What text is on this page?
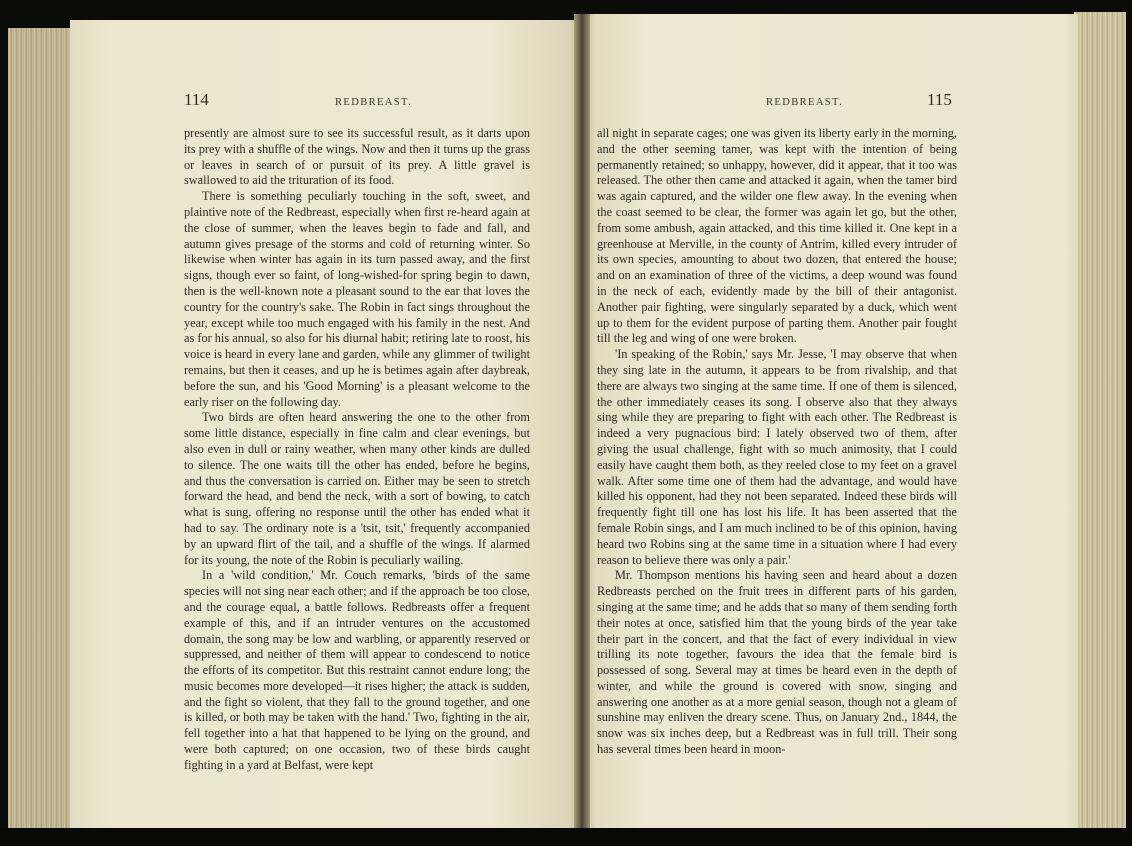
114	REDBREAST.

presently are almost sure to see its successful result, as it darts upon its prey with a shuffle of the wings. Now and then it turns up the grass or leaves in search of or pursuit of its prey. A little gravel is swallowed to aid the trituration of its food.

There is something peculiarly touching in the soft, sweet, and plaintive note of the Redbreast, especially when first re-heard again at the close of summer, when the leaves begin to fade and fall, and autumn gives presage of the storms and cold of returning winter. So likewise when winter has again in its turn passed away, and the first signs, though ever so faint, of long-wished-for spring begin to dawn, then is the well-known note a pleasant sound to the ear that loves the country for the country's sake. The Robin in fact sings throughout the year, except while too much engaged with his family in the nest. And as for his annual, so also for his diurnal habit; retiring late to roost, his voice is heard in every lane and garden, while any glimmer of twilight remains, but then it ceases, and up he is betimes again after daybreak, before the sun, and his 'Good Morning' is a pleasant welcome to the early riser on the following day.

Two birds are often heard answering the one to the other from some little distance, especially in fine calm and clear evenings, but also even in dull or rainy weather, when many other kinds are dulled to silence. The one waits till the other has ended, before he begins, and thus the conversation is carried on. Either may be seen to stretch forward the head, and bend the neck, with a sort of bowing, to catch what is sung, offering no response until the other has ended what it had to say. The ordinary note is a 'tsit, tsit,' frequently accompanied by an upward flirt of the tail, and a shuffle of the wings. If alarmed for its young, the note of the Robin is peculiarly wailing.

In a 'wild condition,' Mr. Couch remarks, 'birds of the same species will not sing near each other; and if the approach be too close, and the courage equal, a battle follows. Redbreasts offer a frequent example of this, and if an intruder ventures on the accustomed domain, the song may be low and warbling, or apparently reserved or suppressed, and neither of them will appear to condescend to notice the efforts of its competitor. But this restraint cannot endure long; the music becomes more developed—it rises higher; the attack is sudden, and the fight so violent, that they fall to the ground together, and one is killed, or both may be taken with the hand.' Two, fighting in the air, fell together into a hat that happened to be lying on the ground, and were both captured; on one occasion, two of these birds caught fighting in a yard at Belfast, were kept

REDBREAST.	115

all night in separate cages; one was given its liberty early in the morning, and the other seeming tamer, was kept with the intention of being permanently retained; so unhappy, however, did it appear, that it too was released. The other then came and attacked it again, when the tamer bird was again captured, and the wilder one flew away. In the evening when the coast seemed to be clear, the former was again let go, but the other, from some ambush, again attacked, and this time killed it. One kept in a greenhouse at Merville, in the county of Antrim, killed every intruder of its own species, amounting to about two dozen, that entered the house; and on an examination of three of the victims, a deep wound was found in the neck of each, evidently made by the bill of their antagonist. Another pair fighting, were singularly separated by a duck, which went up to them for the evident purpose of parting them. Another pair fought till the leg and wing of one were broken.

'In speaking of the Robin,' says Mr. Jesse, 'I may observe that when they sing late in the autumn, it appears to be from rivalship, and that there are always two singing at the same time. If one of them is silenced, the other immediately ceases its song. I observe also that they always sing while they are preparing to fight with each other. The Redbreast is indeed a very pugnacious bird: I lately observed two of them, after giving the usual challenge, fight with so much animosity, that I could easily have caught them both, as they reeled close to my feet on a gravel walk. After some time one of them had the advantage, and would have killed his opponent, had they not been separated. Indeed these birds will frequently fight till one has lost his life. It has been asserted that the female Robin sings, and I am much inclined to be of this opinion, having heard two Robins sing at the same time in a situation where I had every reason to believe there was only a pair.'

Mr. Thompson mentions his having seen and heard about a dozen Redbreasts perched on the fruit trees in different parts of his garden, singing at the same time; and he adds that so many of them sending forth their notes at once, satisfied him that the young birds of the year take their part in the concert, and that the fact of every individual in view trilling its note together, favours the idea that the female bird is possessed of song. Several may at times be heard even in the depth of winter, and while the ground is covered with snow, singing and answering one another as at a more genial season, though not a gleam of sunshine may enliven the dreary scene. Thus, on January 2nd., 1844, the snow was six inches deep, but a Redbreast was in full trill. Their song has several times been heard in moon-
